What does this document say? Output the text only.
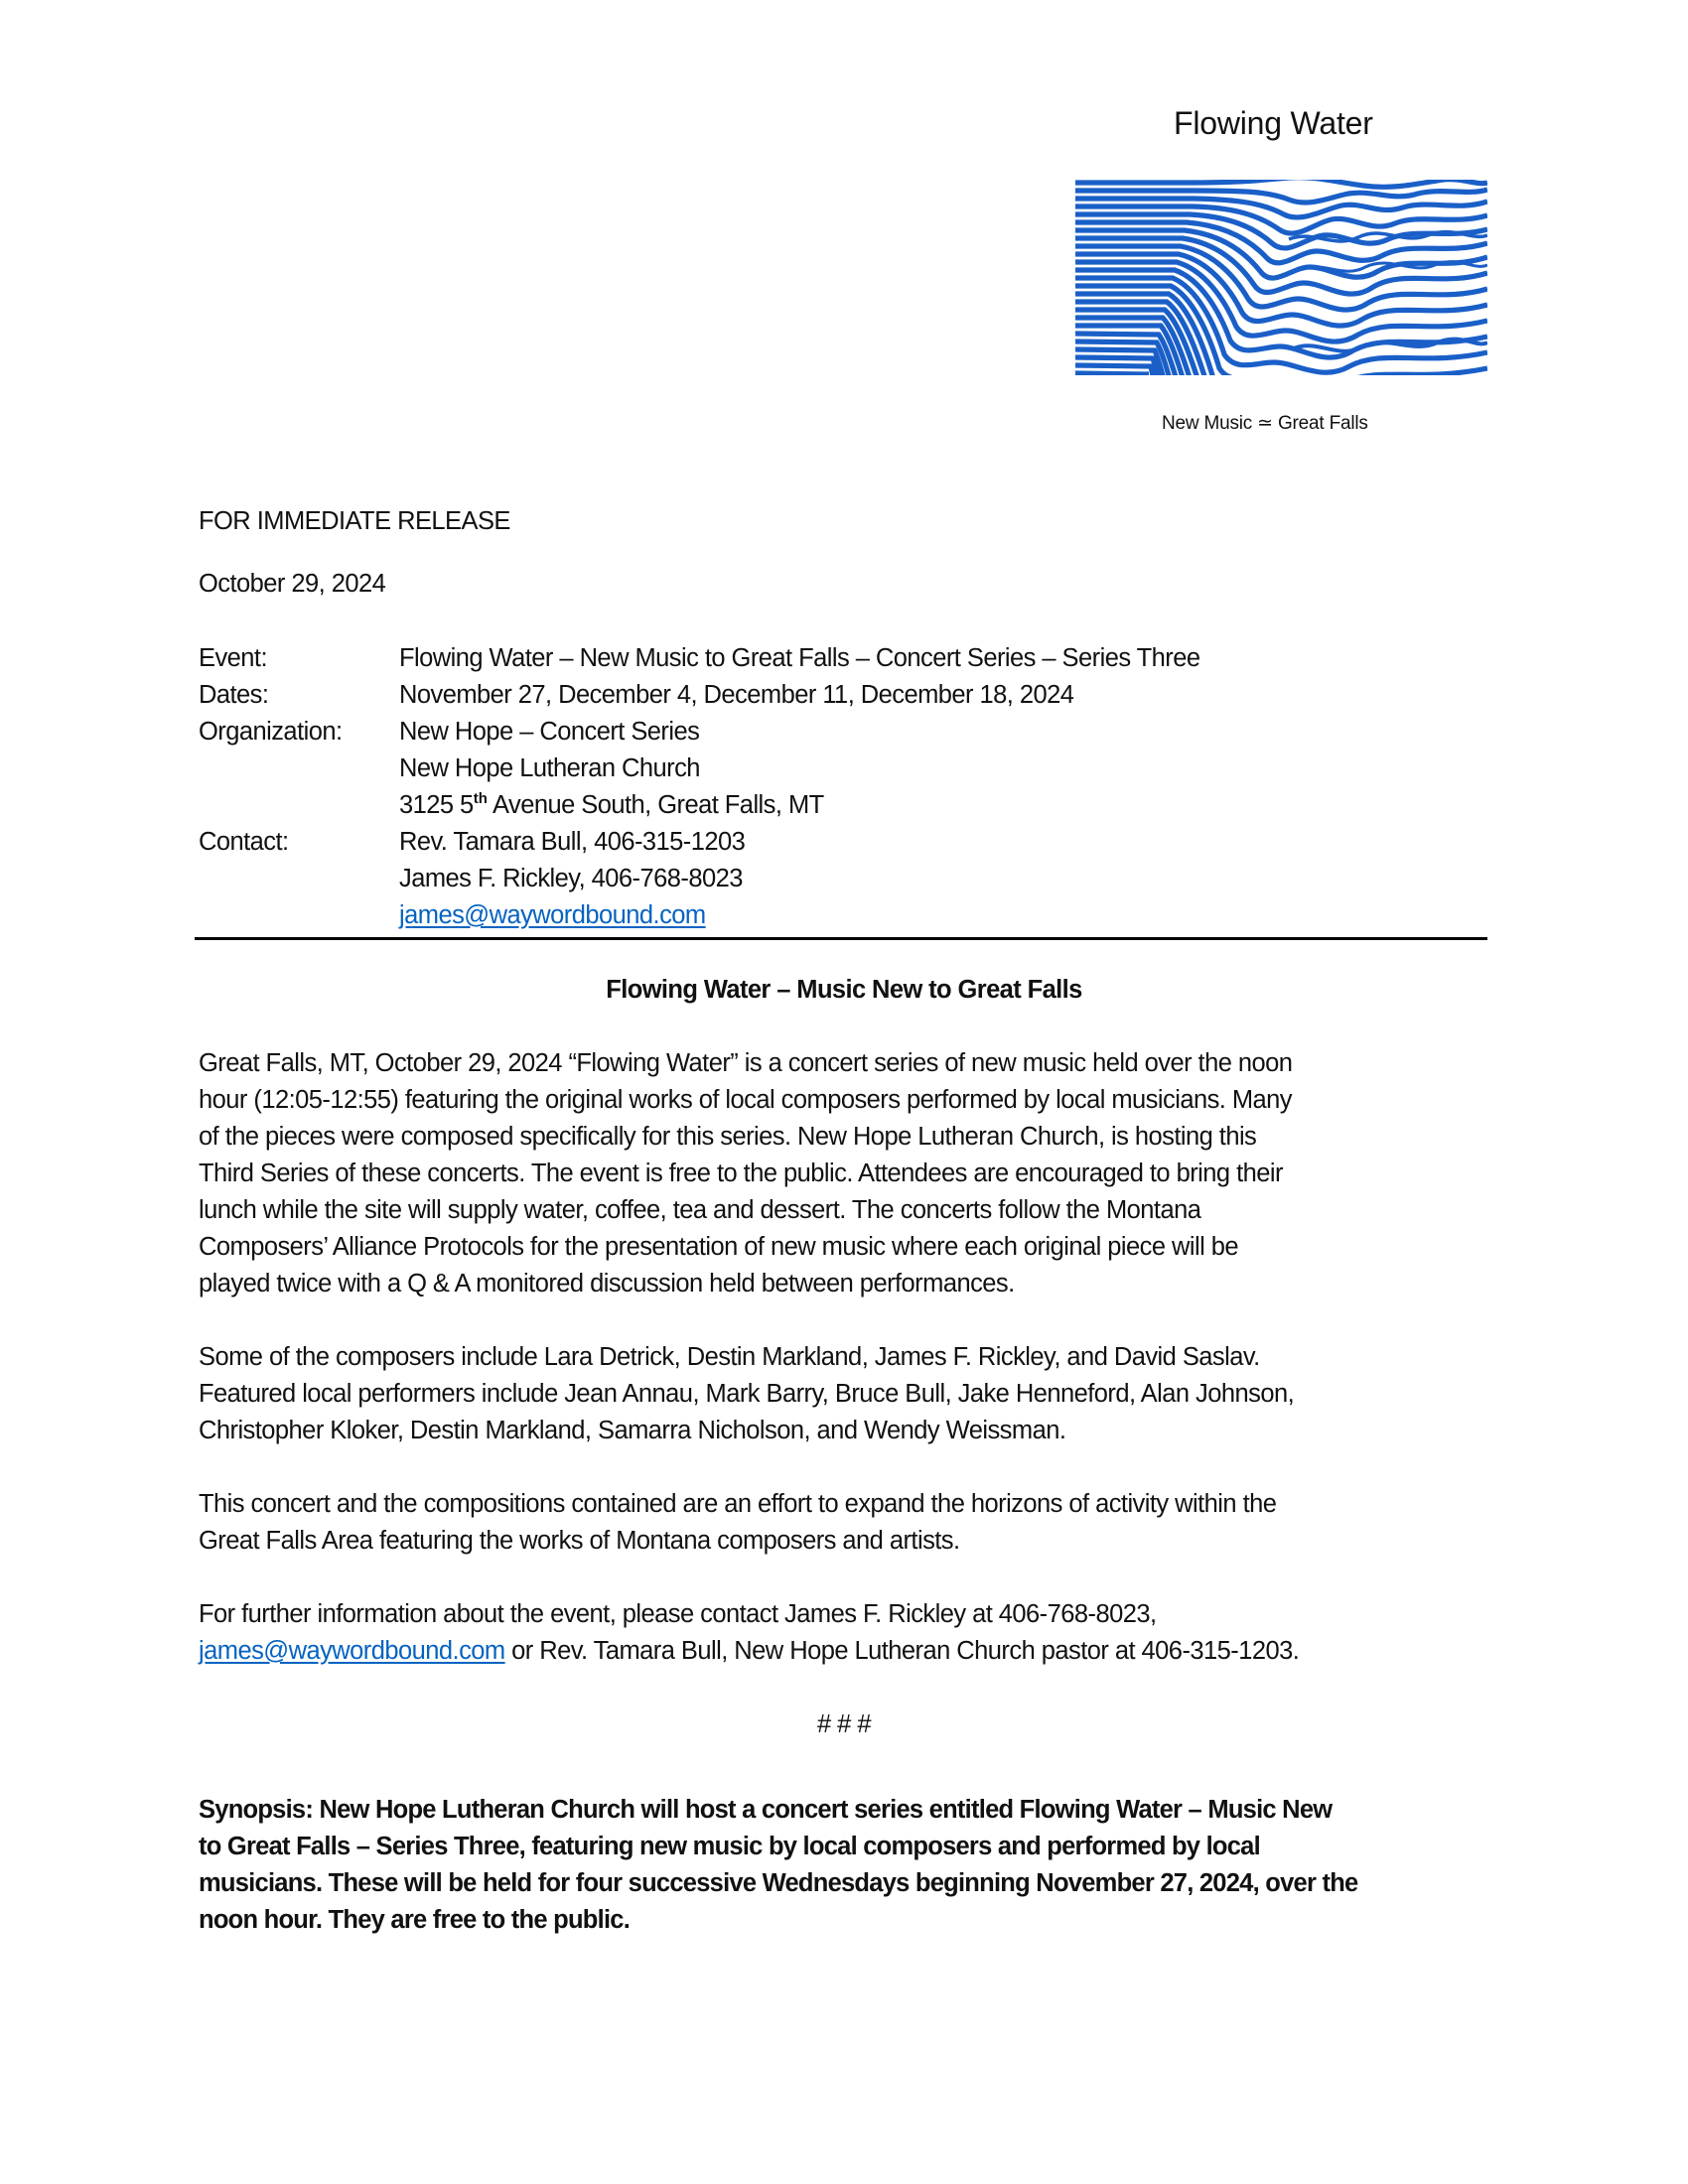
Flowing Water
New Music ≃ Great Falls
FOR IMMEDIATE RELEASE
October 29, 2024
Event:	Flowing Water – New Music to Great Falls – Concert Series – Series Three
Dates:	November 27, December 4, December 11, December 18, 2024
Organization: New Hope – Concert Series
New Hope Lutheran Church
3125 5th Avenue South, Great Falls, MT
Contact:	Rev. Tamara Bull, 406-315-1203
James F. Rickley, 406-768-8023
james@waywordbound.com
Flowing Water – Music New to Great Falls
Great Falls, MT, October 29, 2024 “Flowing Water” is a concert series of new music held over the noon
hour (12:05-12:55) featuring the original works of local composers performed by local musicians. Many
of the pieces were composed specifically for this series. New Hope Lutheran Church, is hosting this
Third Series of these concerts. The event is free to the public. Attendees are encouraged to bring their
lunch while the site will supply water, coffee, tea and dessert. The concerts follow the Montana
Composers’ Alliance Protocols for the presentation of new music where each original piece will be
played twice with a Q & A monitored discussion held between performances.
Some of the composers include Lara Detrick, Destin Markland, James F. Rickley, and David Saslav.
Featured local performers include Jean Annau, Mark Barry, Bruce Bull, Jake Henneford, Alan Johnson,
Christopher Kloker, Destin Markland, Samarra Nicholson, and Wendy Weissman.
This concert and the compositions contained are an effort to expand the horizons of activity within the
Great Falls Area featuring the works of Montana composers and artists.
For further information about the event, please contact James F. Rickley at 406-768-8023,
james@waywordbound.com or Rev. Tamara Bull, New Hope Lutheran Church pastor at 406-315-1203.
# # #
Synopsis: New Hope Lutheran Church will host a concert series entitled Flowing Water – Music New
to Great Falls – Series Three, featuring new music by local composers and performed by local
musicians. These will be held for four successive Wednesdays beginning November 27, 2024, over the
noon hour. They are free to the public.
